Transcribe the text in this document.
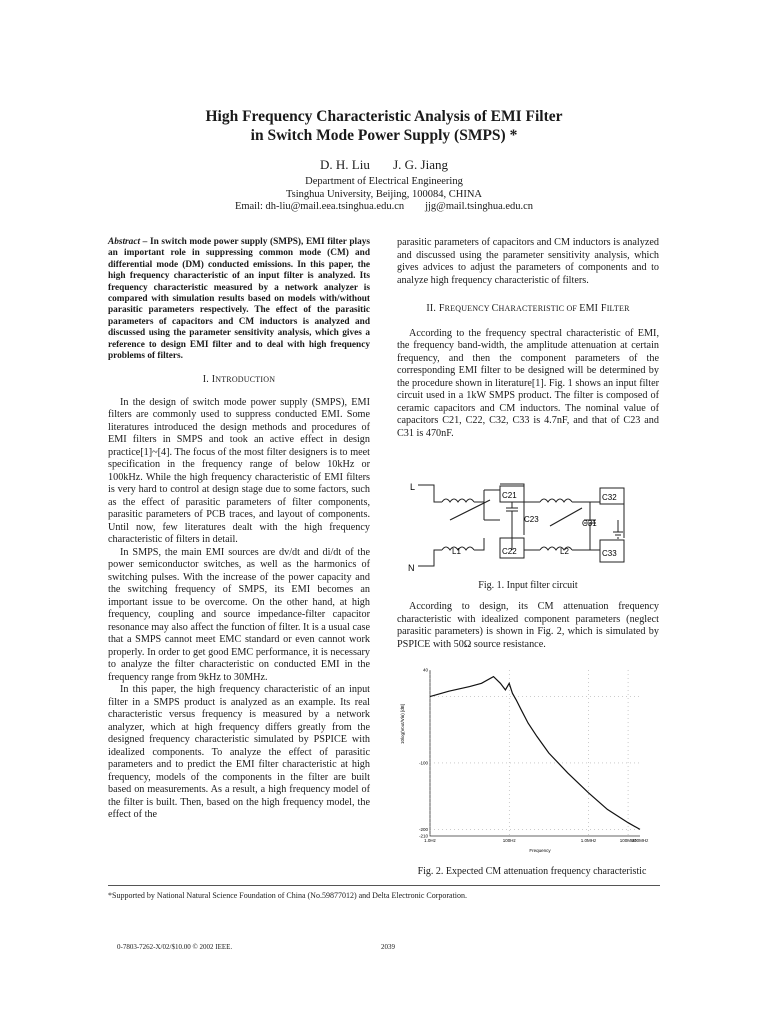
High Frequency Characteristic Analysis of EMI Filter
in Switch Mode Power Supply (SMPS) *
D. H. Liu J. G. Jiang
Department of Electrical Engineering
Tsinghua University, Beijing, 100084, CHINA
Email: dh-liu@mail.eea.tsinghua.edu.cn        jjg@mail.tsinghua.edu.cn

Abstract – In switch mode power supply (SMPS), EMI filter plays an important role in suppressing common mode (CM) and differential mode (DM) conducted emissions. In this paper, the high frequency characteristic of an input filter is analyzed. Its frequency characteristic measured by a network analyzer is compared with simulation results based on models with/without parasitic parameters respectively. The effect of the parasitic parameters of capacitors and CM inductors is analyzed and discussed using the parameter sensitivity analysis, which gives a reference to design EMI filter and to deal with high frequency problems of filters.

I. INTRODUCTION

In the design of switch mode power supply (SMPS), EMI filters are commonly used to suppress conducted EMI. Some literatures introduced the design methods and procedures of EMI filters in SMPS and took an active effect in design practice[1]~[4]. The focus of the most filter designers is to meet specification in the frequency range of below 10kHz or 100kHz. While the high frequency characteristic of EMI filters is very hard to control at design stage due to some factors, such as the effect of parasitic parameters of filter components, parasitic parameters of PCB traces, and layout of components. Until now, few literatures dealt with the high frequency characteristic of filters in detail.

In SMPS, the main EMI sources are dv/dt and di/dt of the power semiconductor switches, as well as the harmonics of switching pulses. With the increase of the power capacity and the switching frequency of SMPS, its EMI becomes an important issue to be overcome. On the other hand, at high frequency, coupling and source impedance-filter capacitor resonance may also affect the function of filter. It is a usual case that a SMPS cannot meet EMC standard or even cannot work properly. In order to get good EMC performance, it is necessary to analyze the filter characteristic on conducted EMI in the frequency range from 9kHz to 30MHz.

In this paper, the high frequency characteristic of an input filter in a SMPS product is analyzed as an example. Its real characteristic versus frequency is measured by a network analyzer, which at high frequency differs greatly from the designed frequency characteristic simulated by PSPICE with idealized components. To analyze the effect of parasitic parameters and to predict the EMI filter characteristic at high frequency, models of the components in the filter are built based on measurements. As a result, a high frequency model of the filter is built. Then, based on the high frequency model, the effect of the

parasitic parameters of capacitors and CM inductors is analyzed and discussed using the parameter sensitivity analysis, which gives advices to adjust the parameters of components and to analyze high frequency characteristic of filters.

II. FREQUENCY CHARACTERISTIC OF EMI FILTER

According to the frequency spectral characteristic of EMI, the frequency band-width, the amplitude attenuation at certain frequency, and then the component parameters of the corresponding EMI filter to be designed will be determined by the procedure shown in literature[1]. Fig. 1 shows an input filter circuit used in a 1kW SMPS product. The filter is composed of ceramic capacitors and CM inductors. The nominal value of capacitors C21, C22, C32, C33 is 4.7nF, and that of C23 and C31 is 470nF.

L
N
C21
C23
C22
L1	L2
C31
C32
C33
Fig. 1. Input filter circuit

According to design, its CM attenuation frequency characteristic with idealized component parameters (neglect parasitic parameters) is shown in Fig. 2, which is simulated by PSPICE with 50Ω source resistance.

40
-100
-200
-210
1.0Hz	100Hz	1.0MHz	100MHz
200MHz
Frequency
10log(Vout/Vin) [dB]
Fig. 2. Expected CM attenuation frequency characteristic
*Supported by National Natural Science Foundation of China (No.59877012) and Delta Electronic Corporation.
0-7803-7262-X/02/$10.00 © 2002 IEEE.	2039
